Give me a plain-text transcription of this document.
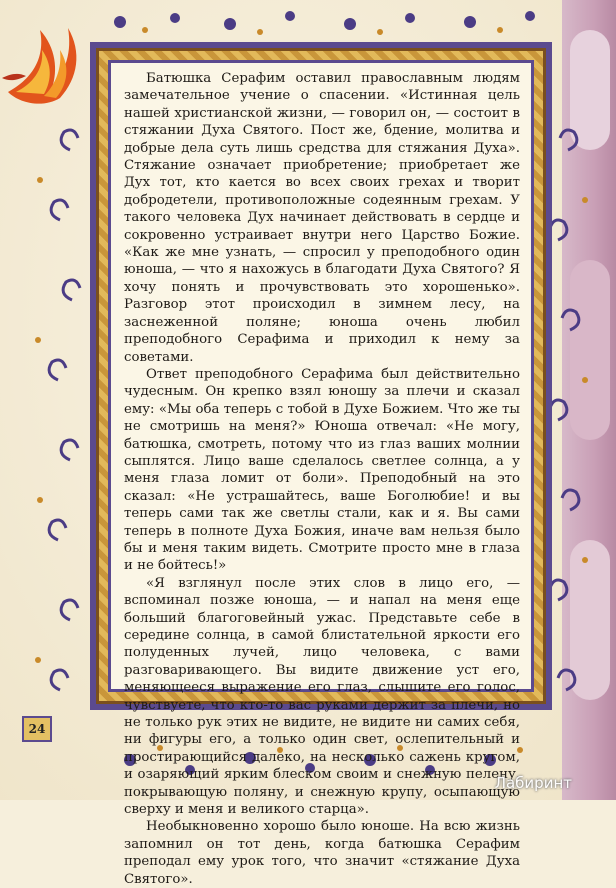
Батюшка Серафим оставил православным людям замечательное учение о спасении. «Истинная цель нашей христианской жизни, — говорил он, — состоит в стяжании Духа Святого. Пост же, бдение, молитва и добрые дела суть лишь средства для стяжания Духа». Стяжание означает приобретение; приобретает же Дух тот, кто кается во всех своих грехах и творит добродетели, противоположные содеянным грехам. У такого человека Дух начинает действовать в сердце и сокровенно устраивает внутри него Царство Божие. «Как же мне узнать, — спросил у преподобного один юноша, — что я нахожусь в благодати Духа Святого? Я хочу понять и прочувствовать это хорошенько». Разговор этот происходил в зимнем лесу, на заснеженной поляне; юноша очень любил преподобного Серафима и приходил к нему за советами.

Ответ преподобного Серафима был действительно чудесным. Он крепко взял юношу за плечи и сказал ему: «Мы оба теперь с тобой в Духе Божием. Что же ты не смотришь на меня?» Юноша отвечал: «Не могу, батюшка, смотреть, потому что из глаз ваших молнии сыплятся. Лицо ваше сделалось светлее солнца, а у меня глаза ломит от боли». Преподобный на это сказал: «Не устрашайтесь, ваше Боголюбие! и вы теперь сами так же светлы стали, как и я. Вы сами теперь в полноте Духа Божия, иначе вам нельзя было бы и меня таким видеть. Смотрите просто мне в глаза и не бойтесь!»

«Я взглянул после этих слов в лицо его, — вспоминал позже юноша, — и напал на меня еще больший благоговейный ужас. Представьте себе в середине солнца, в самой блистательной яркости его полуденных лучей, лицо человека, с вами разговаривающего. Вы видите движение уст его, меняющееся выражение его глаз, слышите его голос, чувствуете, что кто-то вас руками держит за плечи, но не только рук этих не видите, не видите ни самих себя, ни фигуры его, а только один свет, ослепительный и простирающийся далеко, на несколько сажень кругом, и озаряющий ярким блеском своим и снежную пелену, покрывающую поляну, и снежную крупу, осыпающую сверху и меня и великого старца».

Необыкновенно хорошо было юноше. На всю жизнь запомнил он тот день, когда батюшка Серафим преподал ему урок того, что значит «стяжание Духа Святого».

24
Лабиринт
